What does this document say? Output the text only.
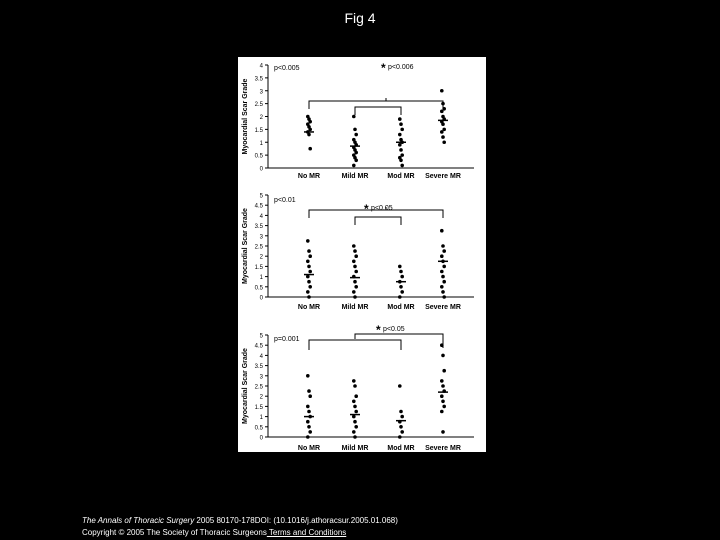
Fig 4
0
0.5
1
1.5
2
2.5
3
3.5
4
Myocardial Scar Grade
No MR	Mild MR	Mod MR Severe MR
p<0.005	* p<0.006
0
0.5
1
1.5
2
2.5
3
3.5
4
4.5
5
Myocardial Scar Grade
No MR	Mild MR	Mod MR Severe MR
p<0.01
* p<0.05
0
0.5
1
1.5
2
2.5
3
3.5
4
4.5
5
Myocardial Scar Grade
No MR	Mild MR	Mod MR Severe MR
p=0.001
* p<0.05
The Annals of Thoracic Surgery 2005 80170-178DOI: (10.1016/j.athoracsur.2005.01.068)
Copyright © 2005 The Society of Thoracic Surgeons Terms and Conditions
